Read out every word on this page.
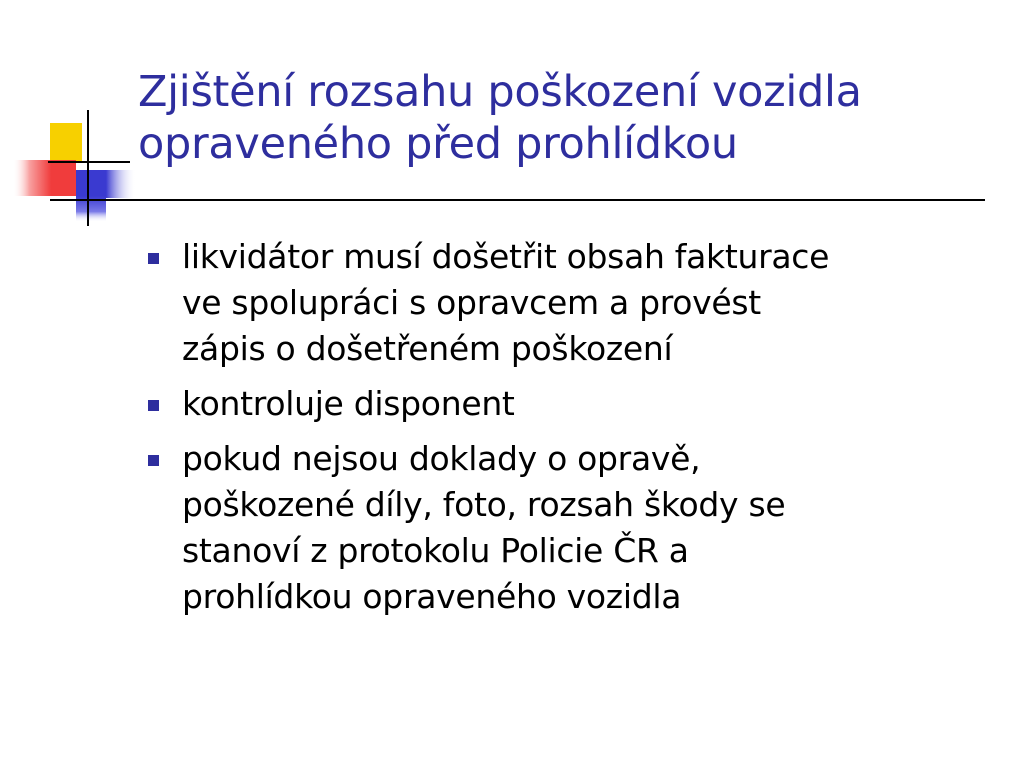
Zjištění rozsahu poškození vozidla
opraveného před prohlídkou
likvidátor musí došetřit obsah fakturace
ve spolupráci s opravcem a provést
zápis o došetřeném poškození
kontroluje disponent
pokud nejsou doklady o opravě,
poškozené díly, foto, rozsah škody se
stanoví z protokolu Policie ČR a
prohlídkou opraveného vozidla
